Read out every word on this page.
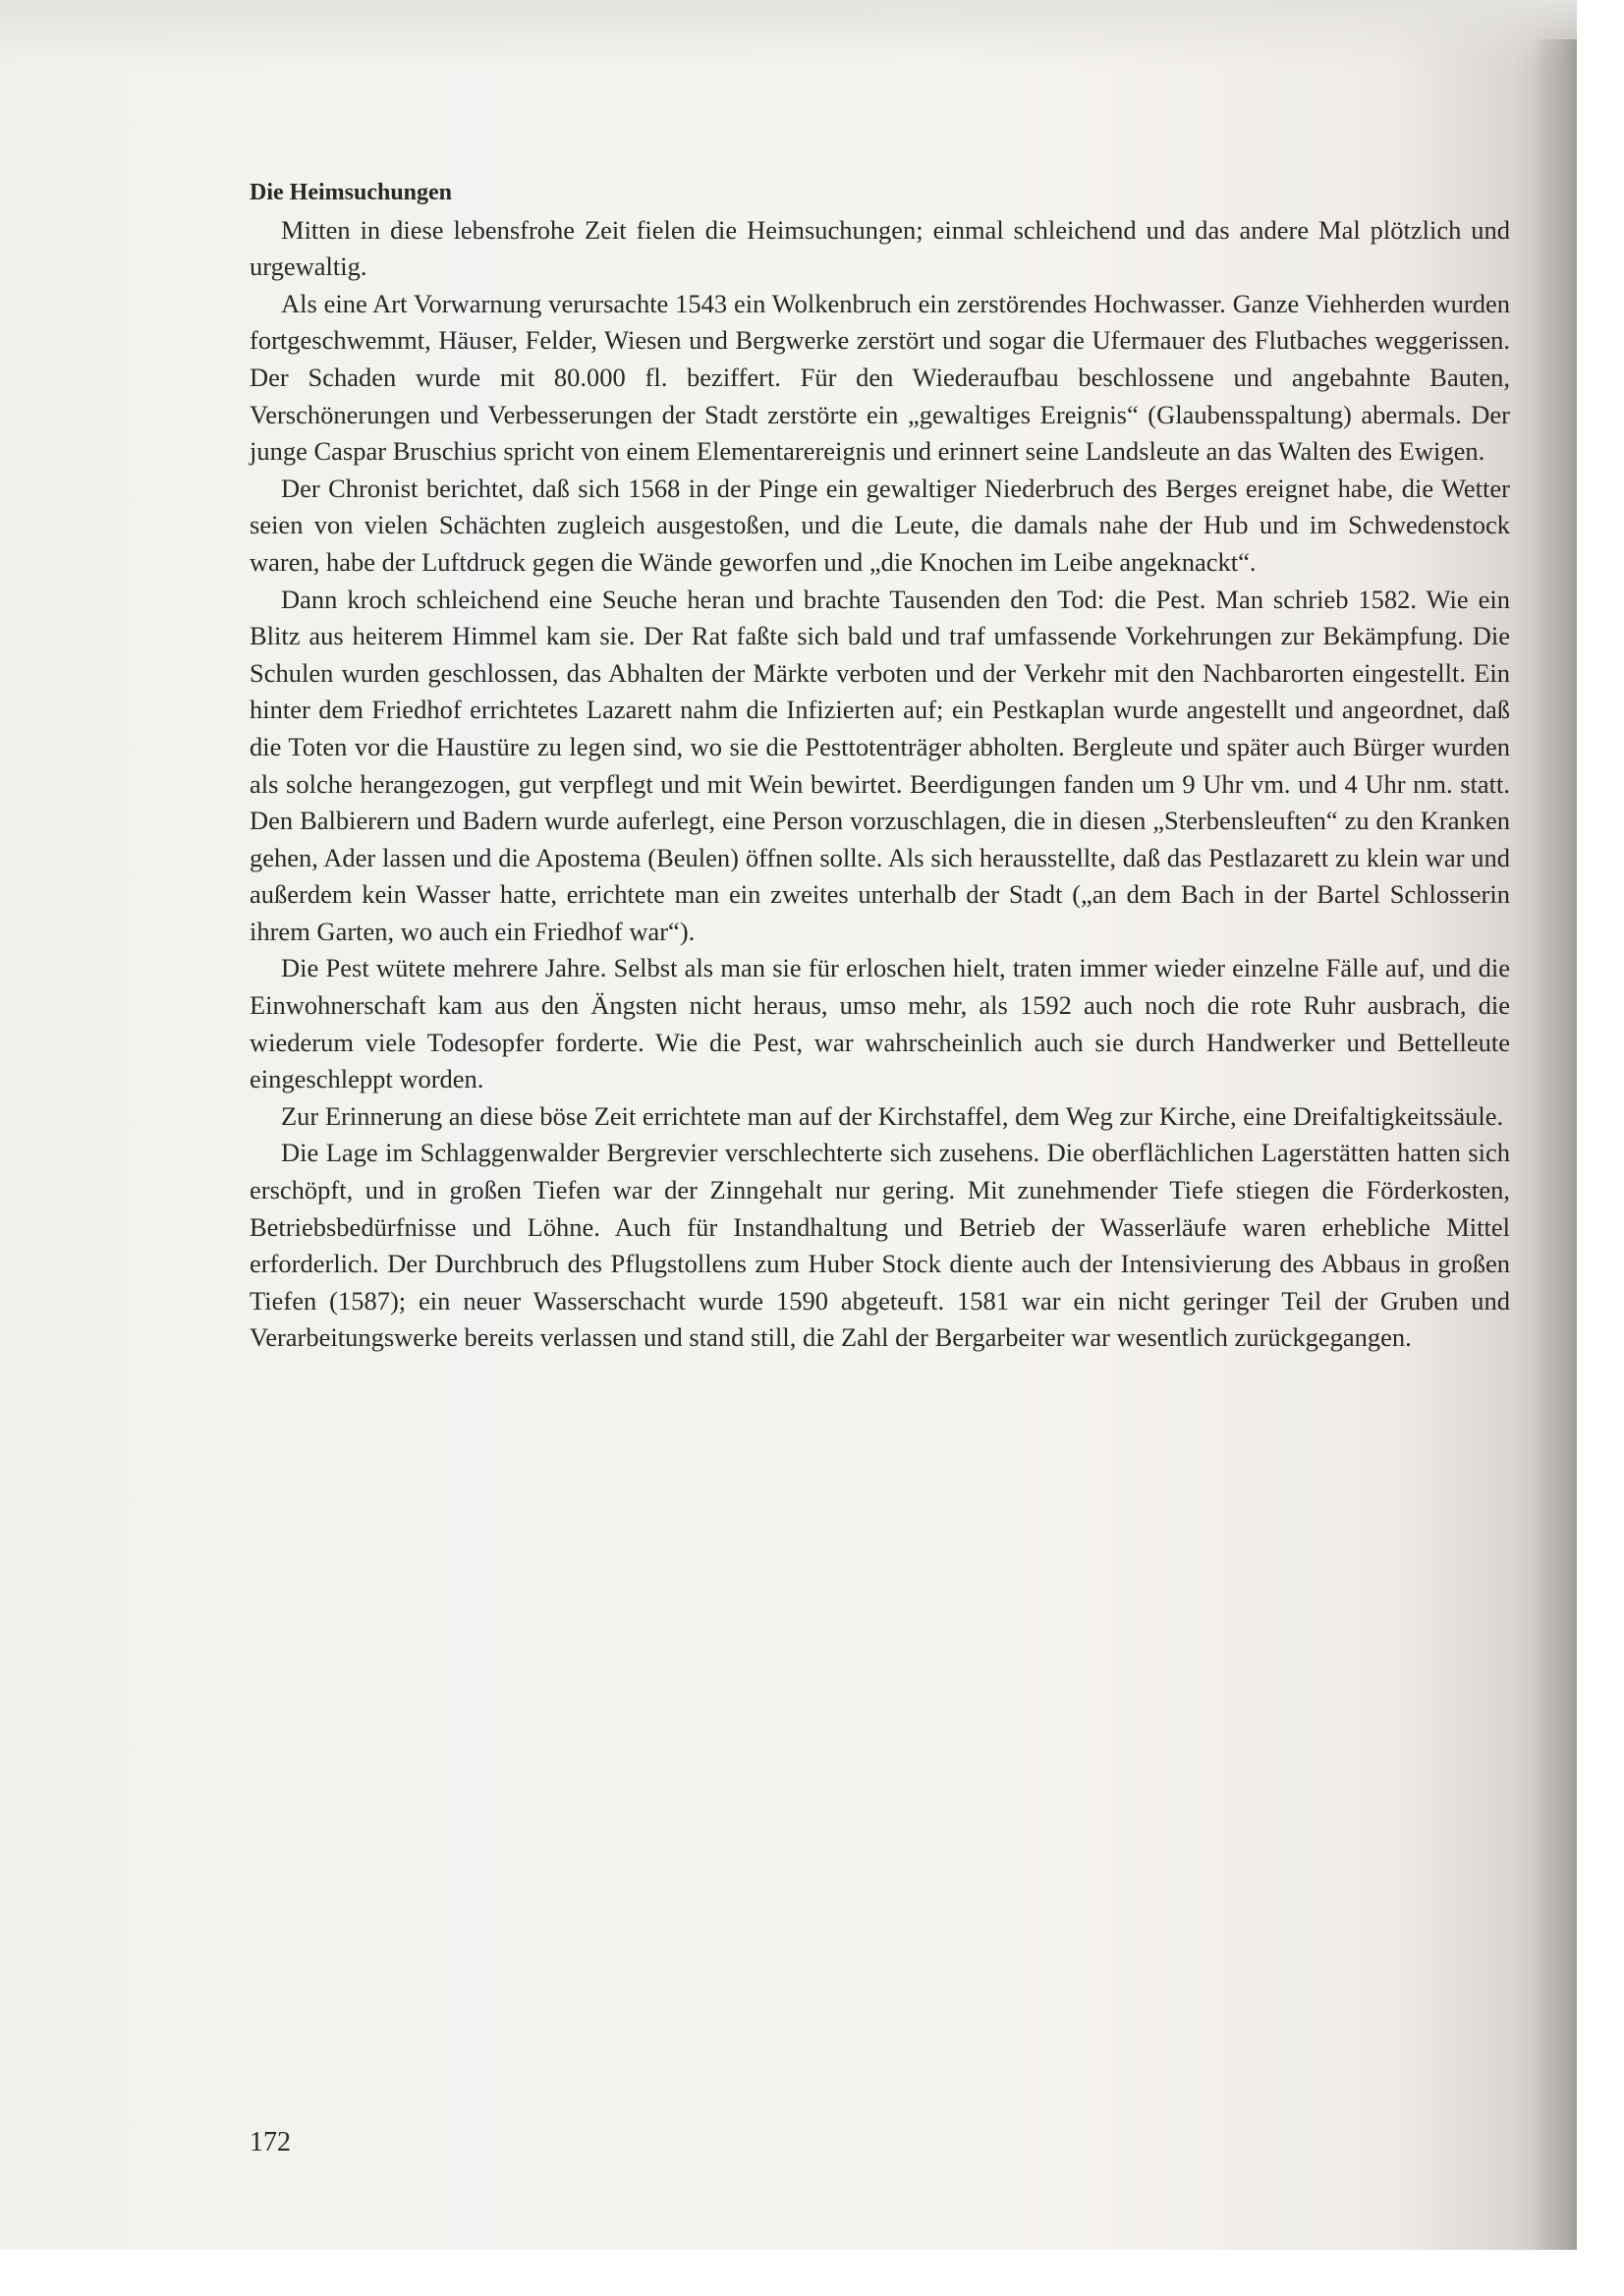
Die Heimsuchungen

Mitten in diese lebensfrohe Zeit fielen die Heimsuchungen; einmal schleichend und das andere Mal plötzlich und urgewaltig.

Als eine Art Vorwarnung verursachte 1543 ein Wolkenbruch ein zerstörendes Hochwasser. Ganze Viehherden wurden fortgeschwemmt, Häuser, Felder, Wiesen und Bergwerke zerstört und sogar die Ufermauer des Flutbaches weggerissen. Der Schaden wurde mit 80.000 fl. beziffert. Für den Wiederaufbau beschlossene und angebahnte Bauten, Verschönerungen und Verbesserungen der Stadt zerstörte ein „gewaltiges Ereignis“ (Glaubensspaltung) abermals. Der junge Caspar Bruschius spricht von einem Elementarereignis und erinnert seine Landsleute an das Walten des Ewigen.

Der Chronist berichtet, daß sich 1568 in der Pinge ein gewaltiger Niederbruch des Berges ereignet habe, die Wetter seien von vielen Schächten zugleich ausgestoßen, und die Leute, die damals nahe der Hub und im Schwedenstock waren, habe der Luftdruck gegen die Wände geworfen und „die Knochen im Leibe angeknackt“.

Dann kroch schleichend eine Seuche heran und brachte Tausenden den Tod: die Pest. Man schrieb 1582. Wie ein Blitz aus heiterem Himmel kam sie. Der Rat faßte sich bald und traf umfassende Vorkehrungen zur Bekämpfung. Die Schulen wurden geschlossen, das Abhalten der Märkte verboten und der Verkehr mit den Nachbarorten eingestellt. Ein hinter dem Friedhof errichtetes Lazarett nahm die Infizierten auf; ein Pestkaplan wurde angestellt und angeordnet, daß die Toten vor die Haustüre zu legen sind, wo sie die Pesttotenträger abholten. Bergleute und später auch Bürger wurden als solche herangezogen, gut verpflegt und mit Wein bewirtet. Beerdigungen fanden um 9 Uhr vm. und 4 Uhr nm. statt. Den Balbierern und Badern wurde auferlegt, eine Person vorzuschlagen, die in diesen „Sterbensleuften“ zu den Kranken gehen, Ader lassen und die Apostema (Beulen) öffnen sollte. Als sich herausstellte, daß das Pestlazarett zu klein war und außerdem kein Wasser hatte, errichtete man ein zweites unterhalb der Stadt („an dem Bach in der Bartel Schlosserin ihrem Garten, wo auch ein Friedhof war“).

Die Pest wütete mehrere Jahre. Selbst als man sie für erloschen hielt, traten immer wieder einzelne Fälle auf, und die Einwohnerschaft kam aus den Ängsten nicht heraus, umso mehr, als 1592 auch noch die rote Ruhr ausbrach, die wiederum viele Todesopfer forderte. Wie die Pest, war wahrscheinlich auch sie durch Handwerker und Bettelleute eingeschleppt worden.

Zur Erinnerung an diese böse Zeit errichtete man auf der Kirchstaffel, dem Weg zur Kirche, eine Dreifaltigkeitssäule.

Die Lage im Schlaggenwalder Bergrevier verschlechterte sich zusehens. Die oberflächlichen Lagerstätten hatten sich erschöpft, und in großen Tiefen war der Zinngehalt nur gering. Mit zunehmender Tiefe stiegen die Förderkosten, Betriebsbedürfnisse und Löhne. Auch für Instandhaltung und Betrieb der Wasserläufe waren erhebliche Mittel erforderlich. Der Durchbruch des Pflugstollens zum Huber Stock diente auch der Intensivierung des Abbaus in großen Tiefen (1587); ein neuer Wasserschacht wurde 1590 abgeteuft. 1581 war ein nicht geringer Teil der Gruben und Verarbeitungswerke bereits verlassen und stand still, die Zahl der Bergarbeiter war wesentlich zurückgegangen.

172
